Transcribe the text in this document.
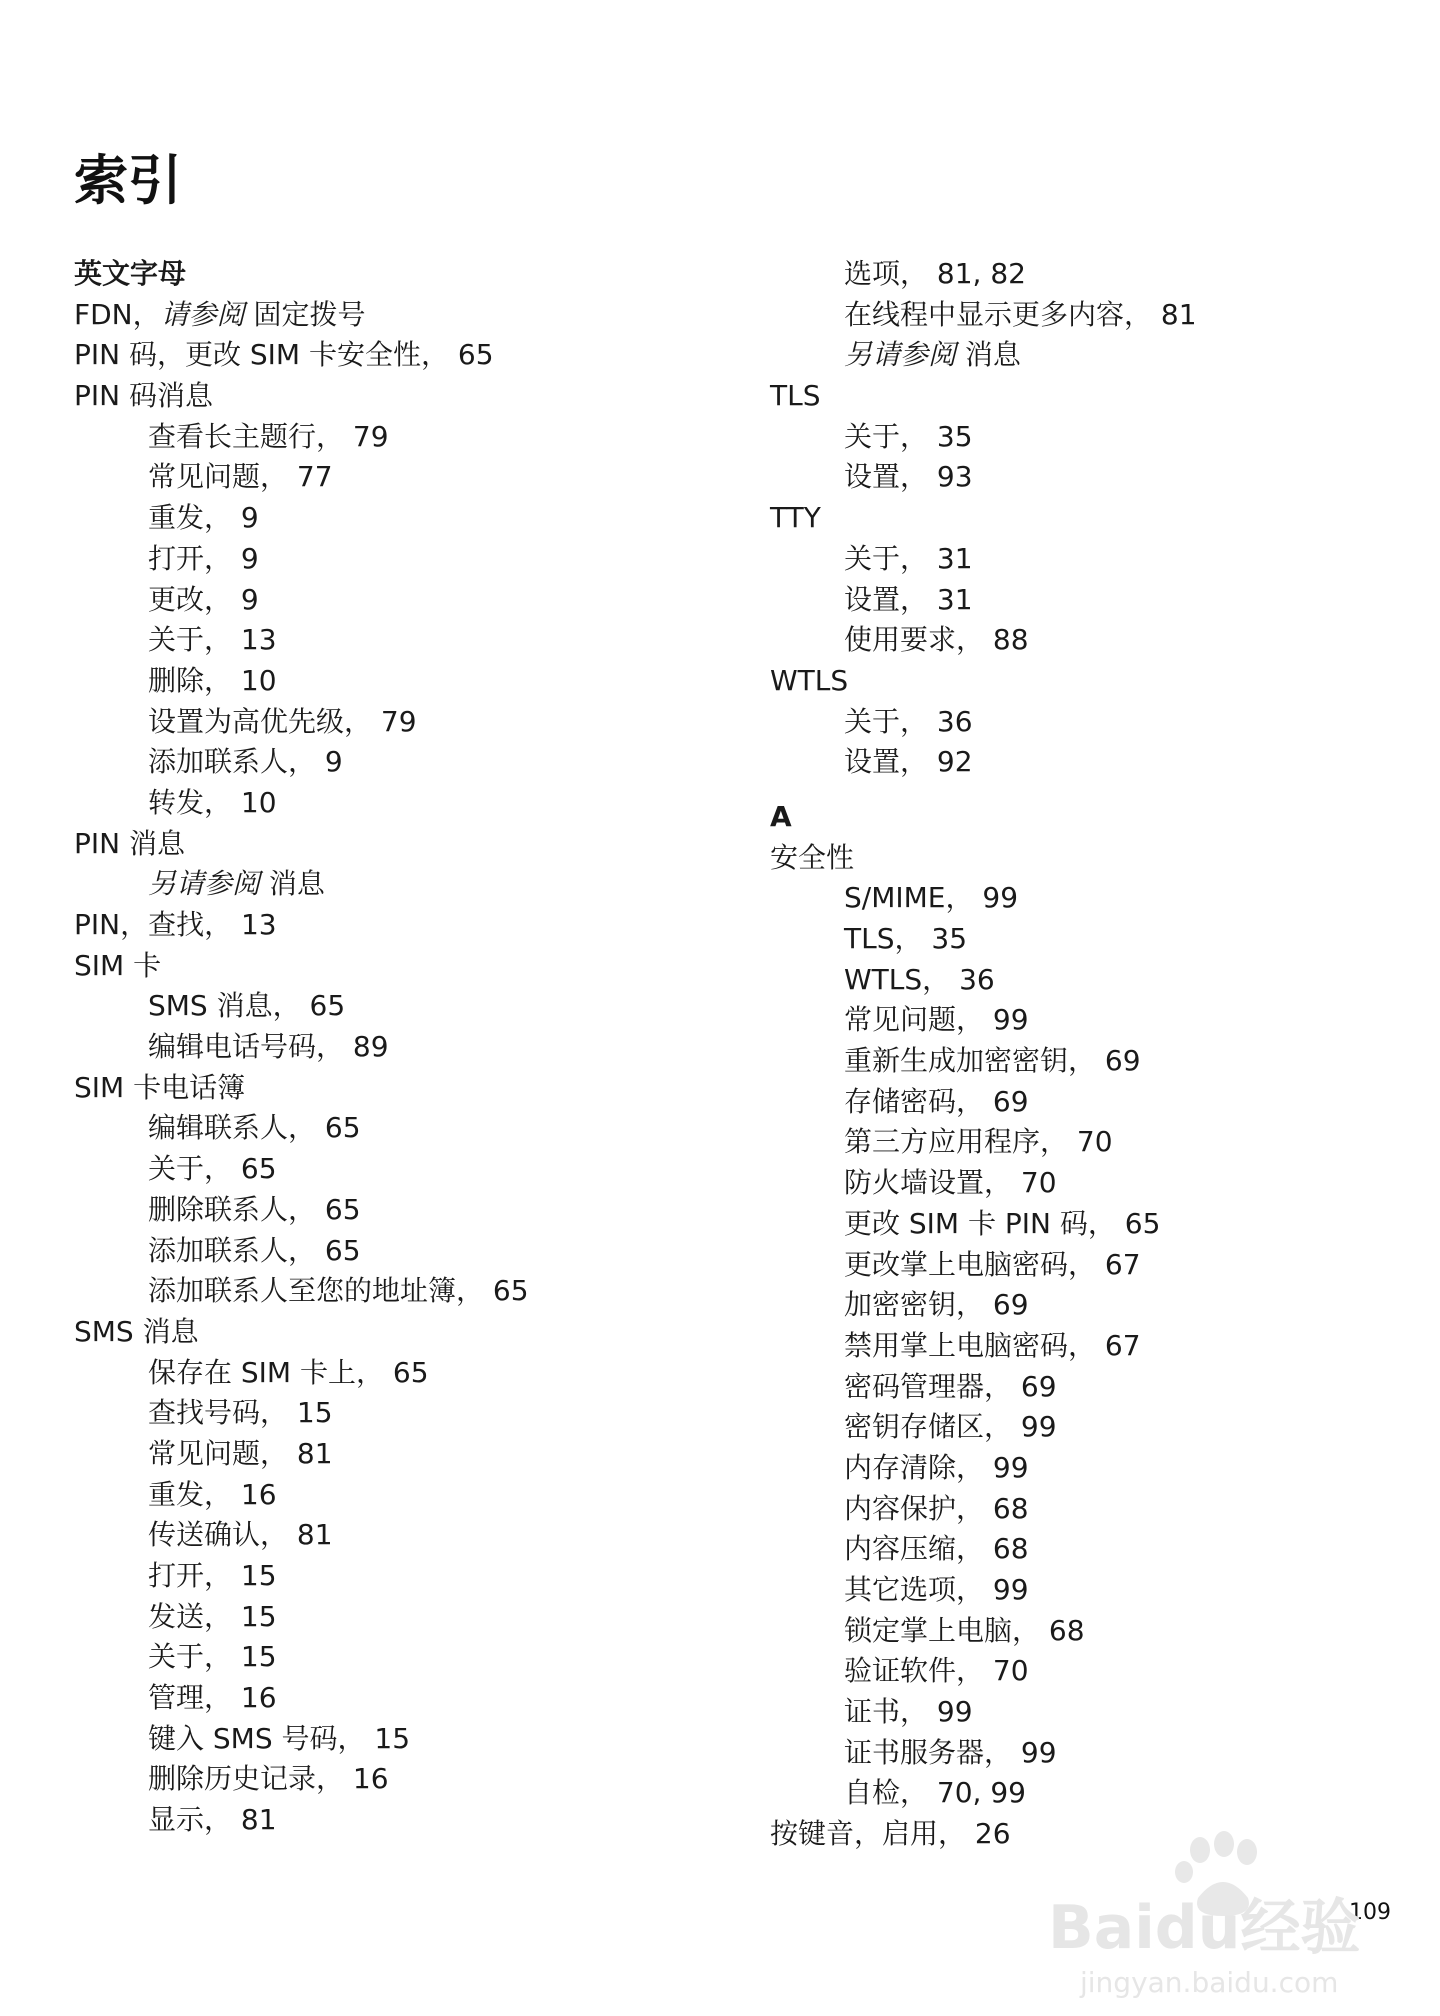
索引
英文字母
FDN，请参阅 固定拨号
PIN 码，更改 SIM 卡安全性， 65
PIN 码消息
查看长主题行， 79
常见问题， 77
重发， 9
打开， 9
更改， 9
关于， 13
删除， 10
设置为高优先级， 79
添加联系人， 9
转发， 10
PIN 消息
另请参阅 消息
PIN，查找， 13
SIM 卡
SMS 消息， 65
编辑电话号码， 89
SIM 卡电话簿
编辑联系人， 65
关于， 65
删除联系人， 65
添加联系人， 65
添加联系人至您的地址簿， 65
SMS 消息
保存在 SIM 卡上， 65
查找号码， 15
常见问题， 81
重发， 16
传送确认， 81
打开， 15
发送， 15
关于， 15
管理， 16
键入 SMS 号码， 15
删除历史记录， 16
显示， 81
选项， 81, 82
在线程中显示更多内容， 81
另请参阅 消息
TLS
关于， 35
设置， 93
TTY
关于， 31
设置， 31
使用要求， 88
WTLS
关于， 36
设置， 92
A
安全性
S/MIME， 99
TLS， 35
WTLS， 36
常见问题， 99
重新生成加密密钥， 69
存储密码， 69
第三方应用程序， 70
防火墙设置， 70
更改 SIM 卡 PIN 码， 65
更改掌上电脑密码， 67
加密密钥， 69
禁用掌上电脑密码， 67
密码管理器， 69
密钥存储区， 99
内存清除， 99
内容保护， 68
内容压缩， 68
其它选项， 99
锁定掌上电脑， 68
验证软件， 70
证书， 99
证书服务器， 99
自检， 70, 99
按键音，启用， 26
109
Baidu经验
jingyan.baidu.com
